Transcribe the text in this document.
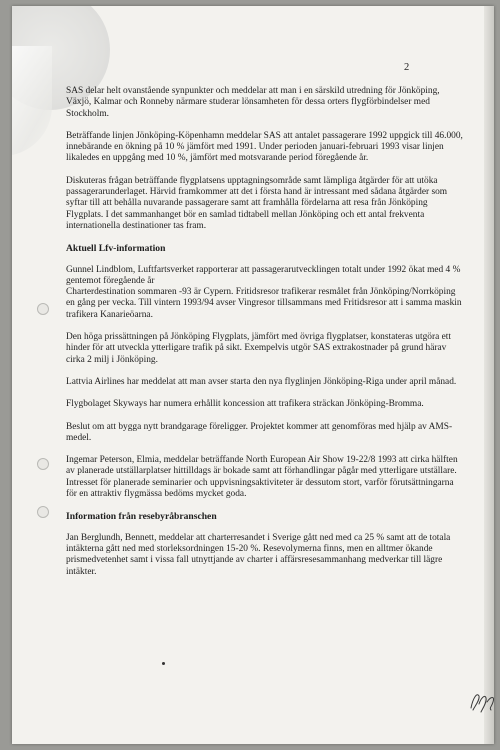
2

SAS delar helt ovanstående synpunkter och meddelar att man i en särskild utredning för Jönköping, Växjö, Kalmar och Ronneby närmare studerar lönsamheten för dessa orters flygförbindelser med Stockholm.

Beträffande linjen Jönköping-Köpenhamn meddelar SAS att antalet passagerare 1992 uppgick till 46.000, innebärande en ökning på 10 % jämfört med 1991. Under perioden januari-februari 1993 visar linjen likaledes en uppgång med 10 %, jämfört med motsvarande period föregående år.

Diskuteras frågan beträffande flygplatsens upptagningsområde samt lämpliga åtgärder för att utöka passagerarunderlaget. Härvid framkommer att det i första hand är intressant med sådana åtgärder som syftar till att behålla nuvarande passagerare samt att framhålla fördelarna att resa från Jönköping Flygplats. I det sammanhanget bör en samlad tidtabell mellan Jönköping och ett antal frekventa internationella destinationer tas fram.

Aktuell Lfv-information

Gunnel Lindblom, Luftfartsverket rapporterar att passagerarutvecklingen totalt under 1992 ökat med 4 % gentemot föregående år

Charterdestination sommaren -93 är Cypern. Fritidsresor trafikerar resmålet från Jönköping/Norrköping en gång per vecka. Till vintern 1993/94 avser Vingresor tillsammans med Fritidsresor att i samma maskin trafikera Kanarieöarna.

Den höga prissättningen på Jönköping Flygplats, jämfört med övriga flygplatser, konstateras utgöra ett hinder för att utveckla ytterligare trafik på sikt. Exempelvis utgör SAS extrakostnader på grund härav cirka 2 milj i Jönköping.

Lattvia Airlines har meddelat att man avser starta den nya flyglinjen Jönköping-Riga under april månad.

Flygbolaget Skyways har numera erhållit koncession att trafikera sträckan Jönköping-Bromma.

Beslut om att bygga nytt brandgarage föreligger. Projektet kommer att genomföras med hjälp av AMS-medel.

Ingemar Peterson, Elmia, meddelar beträffande North European Air Show 19-22/8 1993 att cirka hälften av planerade utställarplatser hittilldags är bokade samt att förhandlingar pågår med ytterligare utställare. Intresset för planerade seminarier och uppvisningsaktiviteter är dessutom stort, varför förutsättningarna för en attraktiv flygmässa bedöms mycket goda.

Information från resebyråbranschen

Jan Berglundh, Bennett, meddelar att charterresandet i Sverige gått ned med ca 25 % samt att de totala intäkterna gått ned med storleksordningen 15-20 %. Resevolymerna finns, men en alltmer ökande prismedvetenhet samt i vissa fall utnyttjande av charter i affärsresesammanhang medverkar till lägre intäkter.
